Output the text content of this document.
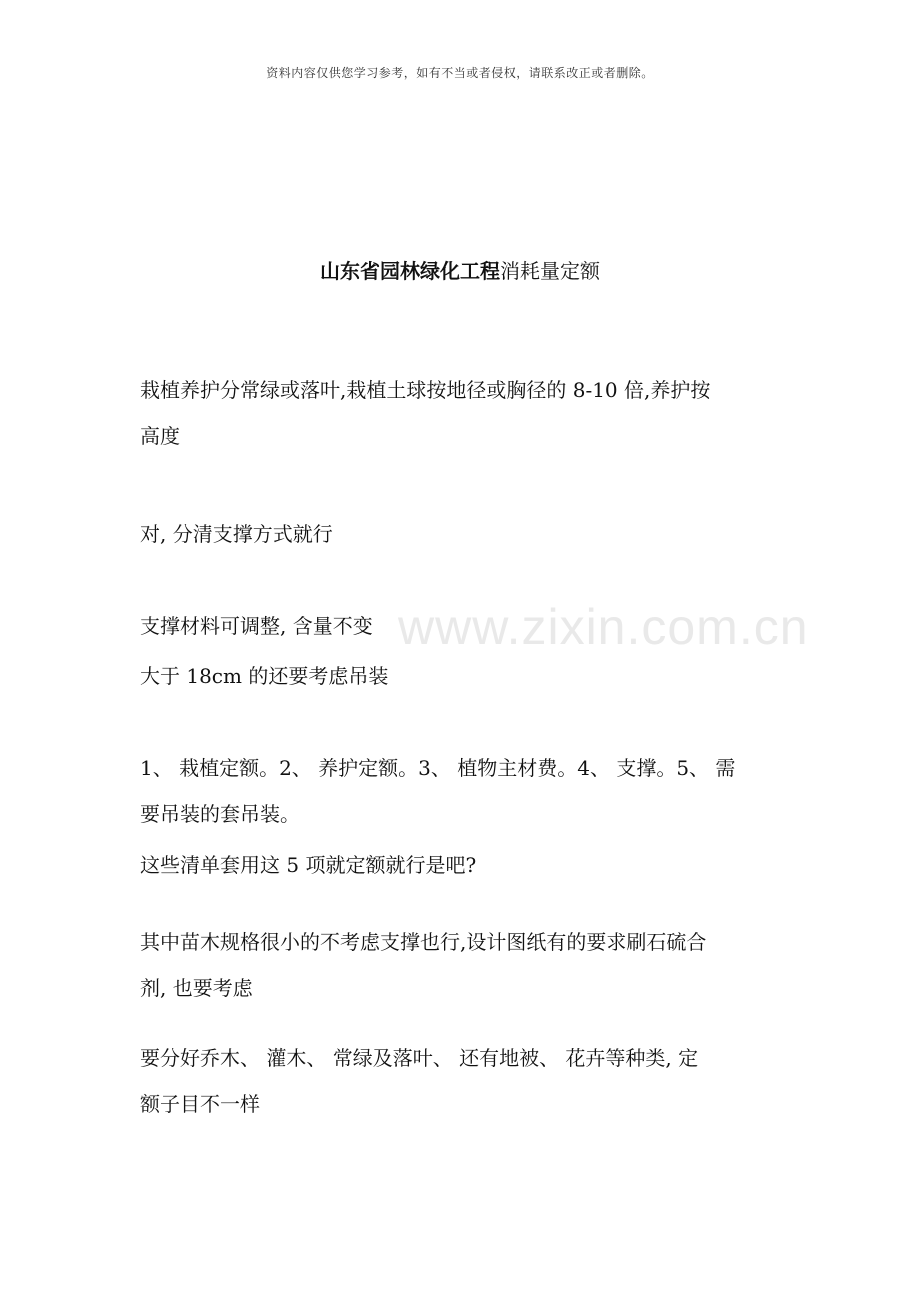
资料内容仅供您学习参考，如有不当或者侵权，请联系改正或者删除。
山东省园林绿化工程消耗量定额
www.zixin.com.cn

栽植养护分常绿或落叶,栽植土球按地径或胸径的 8-10 倍,养护按
高度

对, 分清支撑方式就行

支撑材料可调整, 含量不变

大于 18cm 的还要考虑吊装

1、 栽植定额。2、 养护定额。3、 植物主材费。4、 支撑。5、 需
要吊装的套吊装。

这些清单套用这 5 项就定额就行是吧?

其中苗木规格很小的不考虑支撑也行,设计图纸有的要求刷石硫合
剂, 也要考虑

要分好乔木、 灌木、 常绿及落叶、 还有地被、 花卉等种类, 定
额子目不一样
